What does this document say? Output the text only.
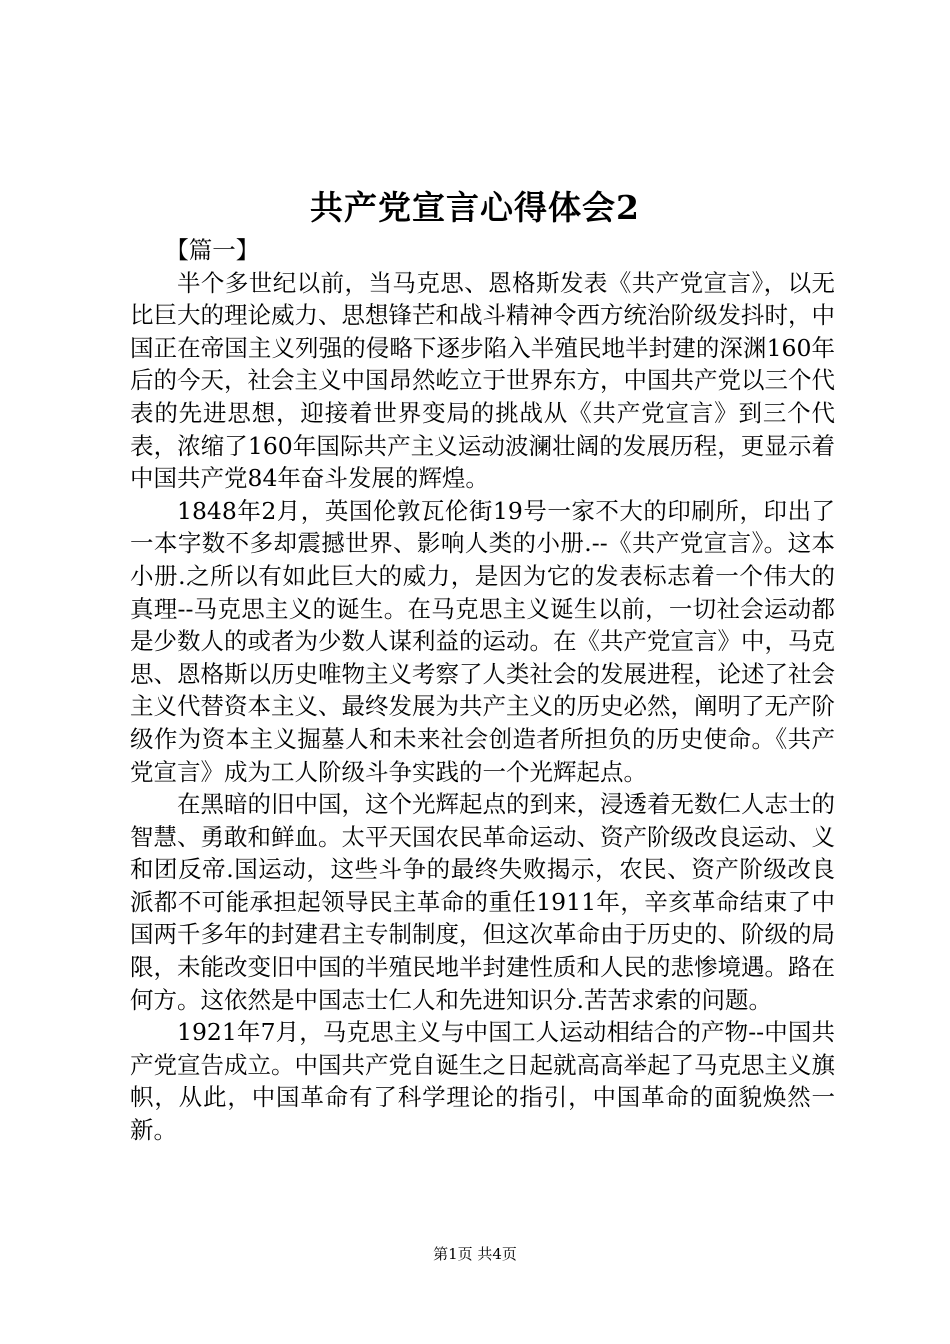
共产党宣言心得体会2

【篇一】

半个多世纪以前，当马克思、恩格斯发表《共产党宣言》，以无比巨大的理论威力、思想锋芒和战斗精神令西方统治阶级发抖时，中国正在帝国主义列强的侵略下逐步陷入半殖民地半封建的深渊160年后的今天，社会主义中国昂然屹立于世界东方，中国共产党以三个代表的先进思想，迎接着世界变局的挑战从《共产党宣言》到三个代表，浓缩了160年国际共产主义运动波澜壮阔的发展历程，更显示着中国共产党84年奋斗发展的辉煌。

1848年2月，英国伦敦瓦伦街19号一家不大的印刷所，印出了一本字数不多却震撼世界、影响人类的小册.--《共产党宣言》。这本小册.之所以有如此巨大的威力，是因为它的发表标志着一个伟大的真理--马克思主义的诞生。在马克思主义诞生以前，一切社会运动都是少数人的或者为少数人谋利益的运动。在《共产党宣言》中，马克思、恩格斯以历史唯物主义考察了人类社会的发展进程，论述了社会主义代替资本主义、最终发展为共产主义的历史必然，阐明了无产阶级作为资本主义掘墓人和未来社会创造者所担负的历史使命。《共产党宣言》成为工人阶级斗争实践的一个光辉起点。

在黑暗的旧中国，这个光辉起点的到来，浸透着无数仁人志士的智慧、勇敢和鲜血。太平天国农民革命运动、资产阶级改良运动、义和团反帝.国运动，这些斗争的最终失败揭示，农民、资产阶级改良派都不可能承担起领导民主革命的重任1911年，辛亥革命结束了中国两千多年的封建君主专制制度，但这次革命由于历史的、阶级的局限，未能改变旧中国的半殖民地半封建性质和人民的悲惨境遇。路在何方。这依然是中国志士仁人和先进知识分.苦苦求索的问题。

1921年7月，马克思主义与中国工人运动相结合的产物--中国共产党宣告成立。中国共产党自诞生之日起就高高举起了马克思主义旗帜，从此，中国革命有了科学理论的指引，中国革命的面貌焕然一新。

第1页 共4页
